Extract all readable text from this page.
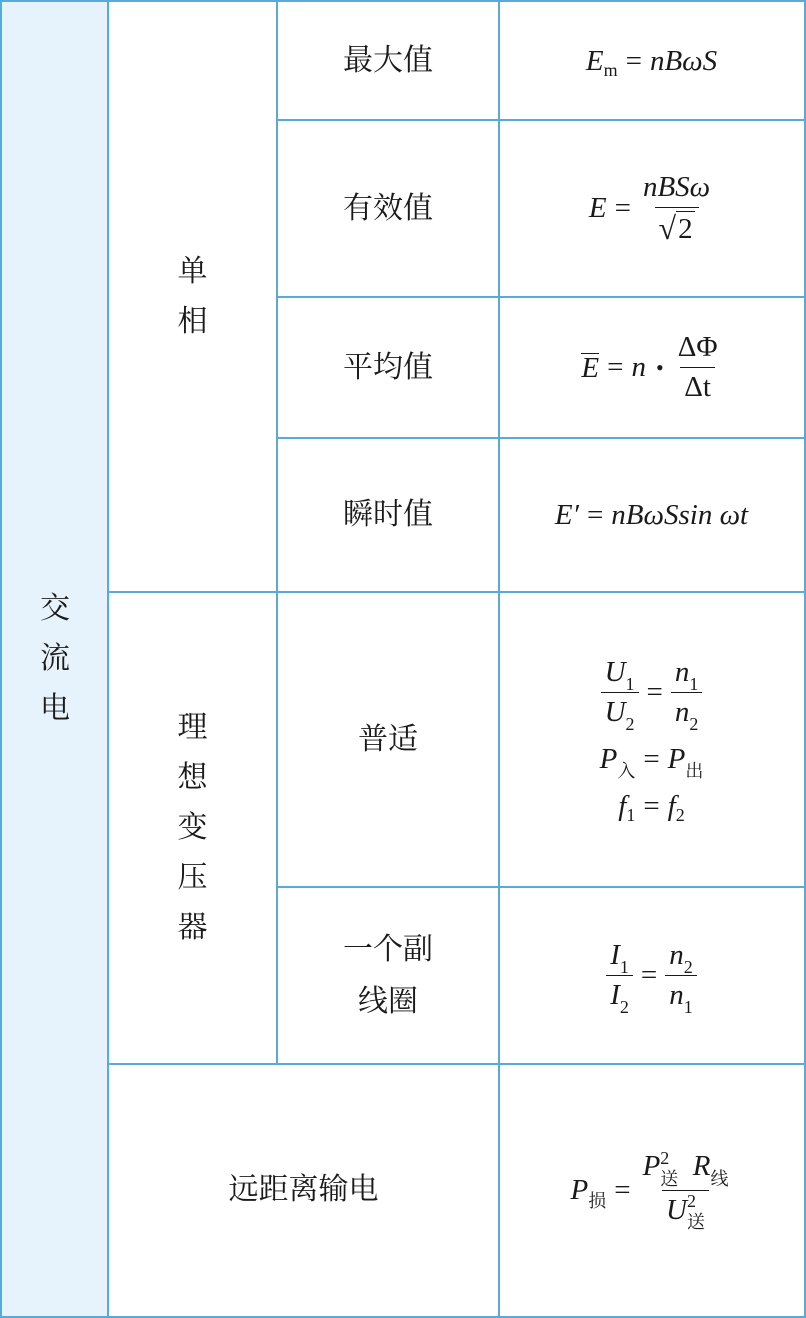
交
流
电
单
相
理
想
变
压
器
最大值
有效值
平均值
瞬时值
普适
一个副
线圈
远距离输电
E m = nBωS
$E = \frac{\text{nBSω}}{√ 2}$
E = n • $\frac{\Delta\Phi}{\Delta t}$
E′ = nBωSsin ωt
$\frac{U_1}{U_2} = \frac{n_1}{n_2}$
P 入 = P 出
f 1 = f 2
$\frac{I_1}{I_2} = \frac{n_2}{n_1}$
P 损 = P 2
送 $R_线$
U 2
送
